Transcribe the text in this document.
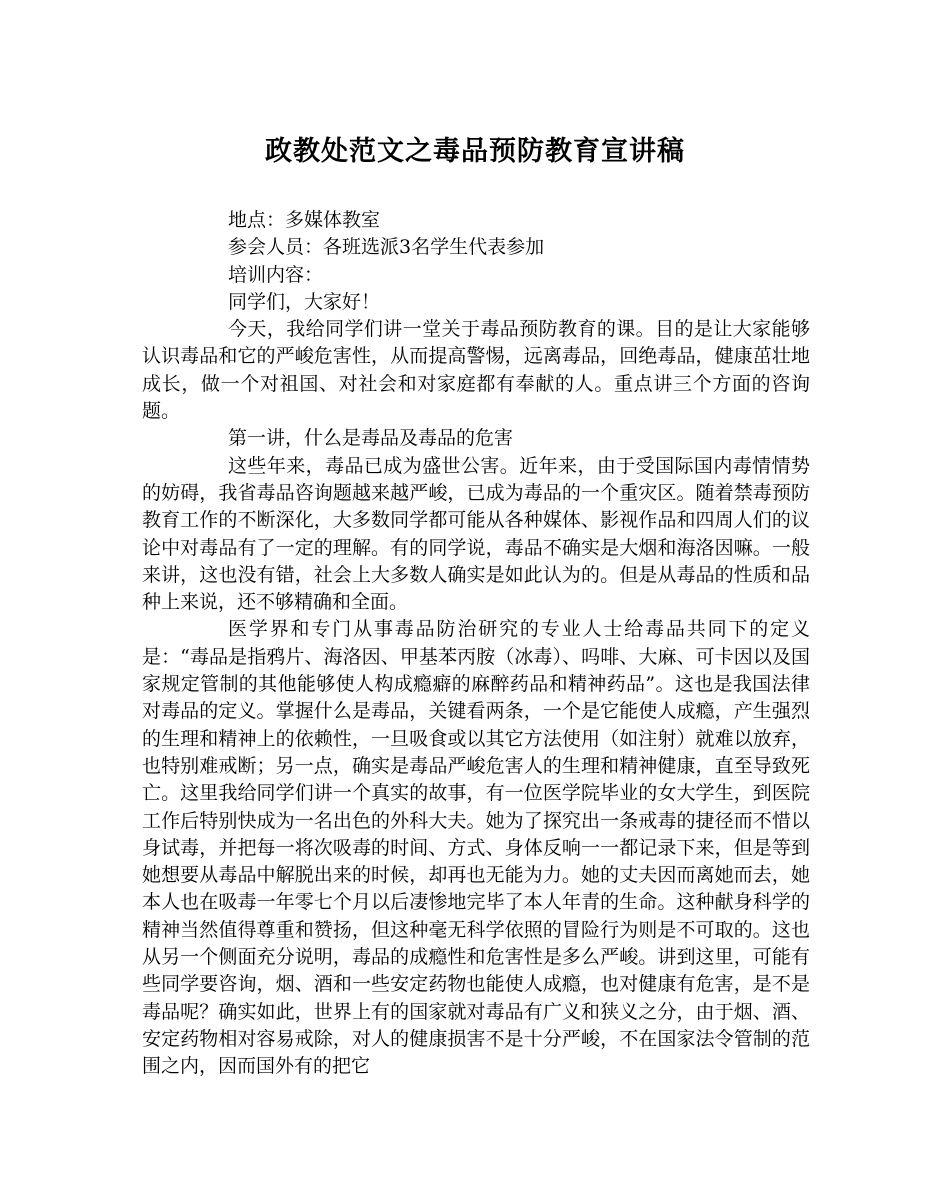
政教处范文之毒品预防教育宣讲稿

地点：多媒体教室

参会人员：各班选派3名学生代表参加

培训内容：

同学们，大家好！

今天，我给同学们讲一堂关于毒品预防教育的课。目的是让大家能够认识毒品和它的严峻危害性，从而提高警惕，远离毒品，回绝毒品，健康茁壮地成长，做一个对祖国、对社会和对家庭都有奉献的人。重点讲三个方面的咨询题。

第一讲，什么是毒品及毒品的危害

这些年来，毒品已成为盛世公害。近年来，由于受国际国内毒情情势的妨碍，我省毒品咨询题越来越严峻，已成为毒品的一个重灾区。随着禁毒预防教育工作的不断深化，大多数同学都可能从各种媒体、影视作品和四周人们的议论中对毒品有了一定的理解。有的同学说，毒品不确实是大烟和海洛因嘛。一般来讲，这也没有错，社会上大多数人确实是如此认为的。但是从毒品的性质和品种上来说，还不够精确和全面。

医学界和专门从事毒品防治研究的专业人士给毒品共同下的定义是：“毒品是指鸦片、海洛因、甲基苯丙胺（冰毒）、吗啡、大麻、可卡因以及国家规定管制的其他能够使人构成瘾癖的麻醉药品和精神药品”。这也是我国法律对毒品的定义。掌握什么是毒品，关键看两条，一个是它能使人成瘾，产生强烈的生理和精神上的依赖性，一旦吸食或以其它方法使用（如注射）就难以放弃，也特别难戒断；另一点，确实是毒品严峻危害人的生理和精神健康，直至导致死亡。这里我给同学们讲一个真实的故事，有一位医学院毕业的女大学生，到医院工作后特别快成为一名出色的外科大夫。她为了探究出一条戒毒的捷径而不惜以身试毒，并把每一将次吸毒的时间、方式、身体反响一一都记录下来，但是等到她想要从毒品中解脱出来的时候，却再也无能为力。她的丈夫因而离她而去，她本人也在吸毒一年零七个月以后凄惨地完毕了本人年青的生命。这种献身科学的精神当然值得尊重和赞扬，但这种毫无科学依照的冒险行为则是不可取的。这也从另一个侧面充分说明，毒品的成瘾性和危害性是多么严峻。讲到这里，可能有些同学要咨询，烟、酒和一些安定药物也能使人成瘾，也对健康有危害，是不是毒品呢？确实如此，世界上有的国家就对毒品有广义和狭义之分，由于烟、酒、安定药物相对容易戒除，对人的健康损害不是十分严峻，不在国家法令管制的范围之内，因而国外有的把它
